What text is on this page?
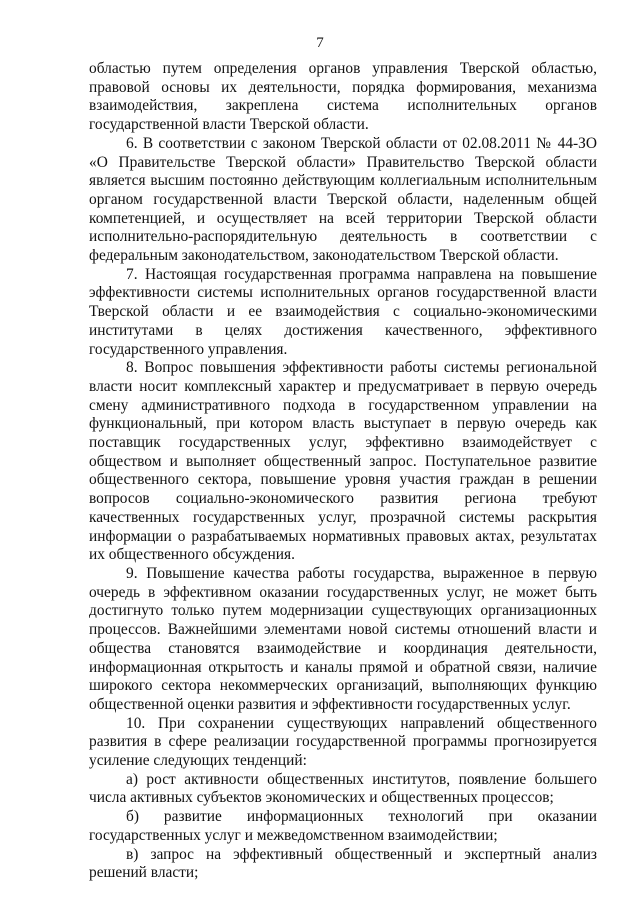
7

областью путем определения органов управления Тверской областью, правовой основы их деятельности, порядка формирования, механизма взаимодействия, закреплена система исполнительных органов государственной власти Тверской области.

6. В соответствии с законом Тверской области от 02.08.2011 № 44-ЗО «О Правительстве Тверской области» Правительство Тверской области является высшим постоянно действующим коллегиальным исполнительным органом государственной власти Тверской области, наделенным общей компетенцией, и осуществляет на всей территории Тверской области исполнительно-распорядительную деятельность в соответствии с федеральным законодательством, законодательством Тверской области.

7. Настоящая государственная программа направлена на повышение эффективности системы исполнительных органов государственной власти Тверской области и ее взаимодействия с социально-экономическими институтами в целях достижения качественного, эффективного государственного управления.

8. Вопрос повышения эффективности работы системы региональной власти носит комплексный характер и предусматривает в первую очередь смену административного подхода в государственном управлении на функциональный, при котором власть выступает в первую очередь как поставщик государственных услуг, эффективно взаимодействует с обществом и выполняет общественный запрос. Поступательное развитие общественного сектора, повышение уровня участия граждан в решении вопросов социально-экономического развития региона требуют качественных государственных услуг, прозрачной системы раскрытия информации о разрабатываемых нормативных правовых актах, результатах их общественного обсуждения.

9. Повышение качества работы государства, выраженное в первую очередь в эффективном оказании государственных услуг, не может быть достигнуто только путем модернизации существующих организационных процессов. Важнейшими элементами новой системы отношений власти и общества становятся взаимодействие и координация деятельности, информационная открытость и каналы прямой и обратной связи, наличие широкого сектора некоммерческих организаций, выполняющих функцию общественной оценки развития и эффективности государственных услуг.

10. При сохранении существующих направлений общественного развития в сфере реализации государственной программы прогнозируется усиление следующих тенденций:

а) рост активности общественных институтов, появление большего числа активных субъектов экономических и общественных процессов;

б) развитие информационных технологий при оказании государственных услуг и межведомственном взаимодействии;

в) запрос на эффективный общественный и экспертный анализ решений власти;
